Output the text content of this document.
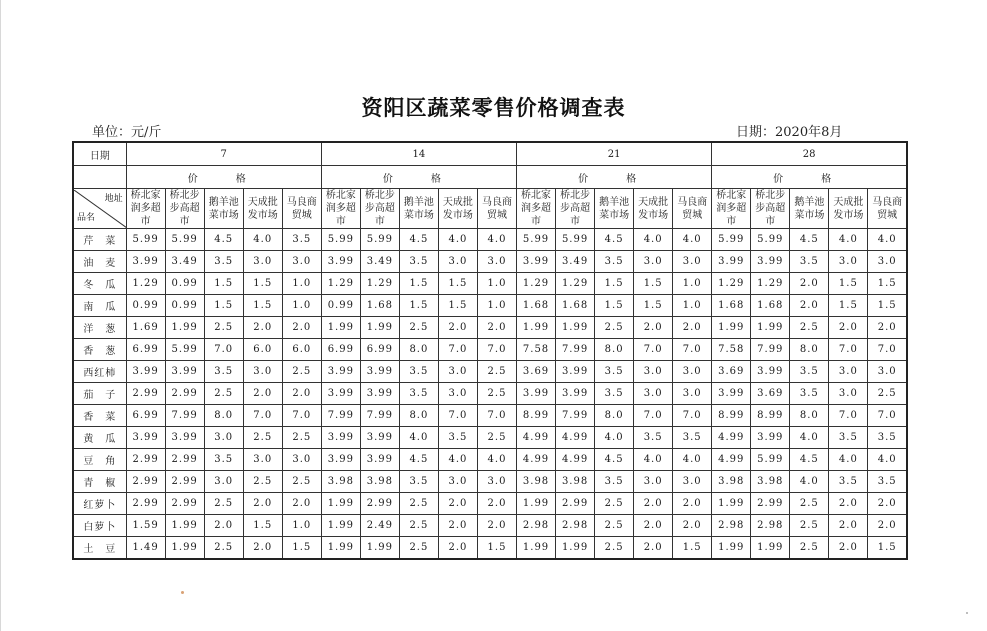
资阳区蔬菜零售价格调查表
单位：元/斤	日期：2020年8月
日期	7					14					21					28				
	价　格					价　格					价　格					价　格				

地址
品名	桥北家润多超市	桥北步步高超市	鹅羊池菜市场	天成批发市场	马良商贸城	桥北家润多超市	桥北步步高超市	鹅羊池菜市场	天成批发市场	马良商贸城	桥北家润多超市	桥北步步高超市	鹅羊池菜市场	天成批发市场	马良商贸城	桥北家润多超市	桥北步步高超市	鹅羊池菜市场	天成批发市场	马良商贸城
芹　菜	5.99	5.99	4.5	4.0	3.5	5.99	5.99	4.5	4.0	4.0	5.99	5.99	4.5	4.0	4.0	5.99	5.99	4.5	4.0	4.0
油　麦	3.99	3.49	3.5	3.0	3.0	3.99	3.49	3.5	3.0	3.0	3.99	3.49	3.5	3.0	3.0	3.99	3.99	3.5	3.0	3.0
冬　瓜	1.29	0.99	1.5	1.5	1.0	1.29	1.29	1.5	1.5	1.0	1.29	1.29	1.5	1.5	1.0	1.29	1.29	2.0	1.5	1.5
南　瓜	0.99	0.99	1.5	1.5	1.0	0.99	1.68	1.5	1.5	1.0	1.68	1.68	1.5	1.5	1.0	1.68	1.68	2.0	1.5	1.5
洋　葱	1.69	1.99	2.5	2.0	2.0	1.99	1.99	2.5	2.0	2.0	1.99	1.99	2.5	2.0	2.0	1.99	1.99	2.5	2.0	2.0
香　葱	6.99	5.99	7.0	6.0	6.0	6.99	6.99	8.0	7.0	7.0	7.58	7.99	8.0	7.0	7.0	7.58	7.99	8.0	7.0	7.0
西红柿	3.99	3.99	3.5	3.0	2.5	3.99	3.99	3.5	3.0	2.5	3.69	3.99	3.5	3.0	3.0	3.69	3.99	3.5	3.0	3.0
茄　子	2.99	2.99	2.5	2.0	2.0	3.99	3.99	3.5	3.0	2.5	3.99	3.99	3.5	3.0	3.0	3.99	3.69	3.5	3.0	2.5
香　菜	6.99	7.99	8.0	7.0	7.0	7.99	7.99	8.0	7.0	7.0	8.99	7.99	8.0	7.0	7.0	8.99	8.99	8.0	7.0	7.0
黄　瓜	3.99	3.99	3.0	2.5	2.5	3.99	3.99	4.0	3.5	2.5	4.99	4.99	4.0	3.5	3.5	4.99	3.99	4.0	3.5	3.5
豆　角	2.99	2.99	3.5	3.0	3.0	3.99	3.99	4.5	4.0	4.0	4.99	4.99	4.5	4.0	4.0	4.99	5.99	4.5	4.0	4.0
青　椒	2.99	2.99	3.0	2.5	2.5	3.98	3.98	3.5	3.0	3.0	3.98	3.98	3.5	3.0	3.0	3.98	3.98	4.0	3.5	3.5
红萝卜	2.99	2.99	2.5	2.0	2.0	1.99	2.99	2.5	2.0	2.0	1.99	2.99	2.5	2.0	2.0	1.99	2.99	2.5	2.0	2.0
白萝卜	1.59	1.99	2.0	1.5	1.0	1.99	2.49	2.5	2.0	2.0	2.98	2.98	2.5	2.0	2.0	2.98	2.98	2.5	2.0	2.0
土　豆	1.49	1.99	2.5	2.0	1.5	1.99	1.99	2.5	2.0	1.5	1.99	1.99	2.5	2.0	1.5	1.99	1.99	2.5	2.0	1.5
